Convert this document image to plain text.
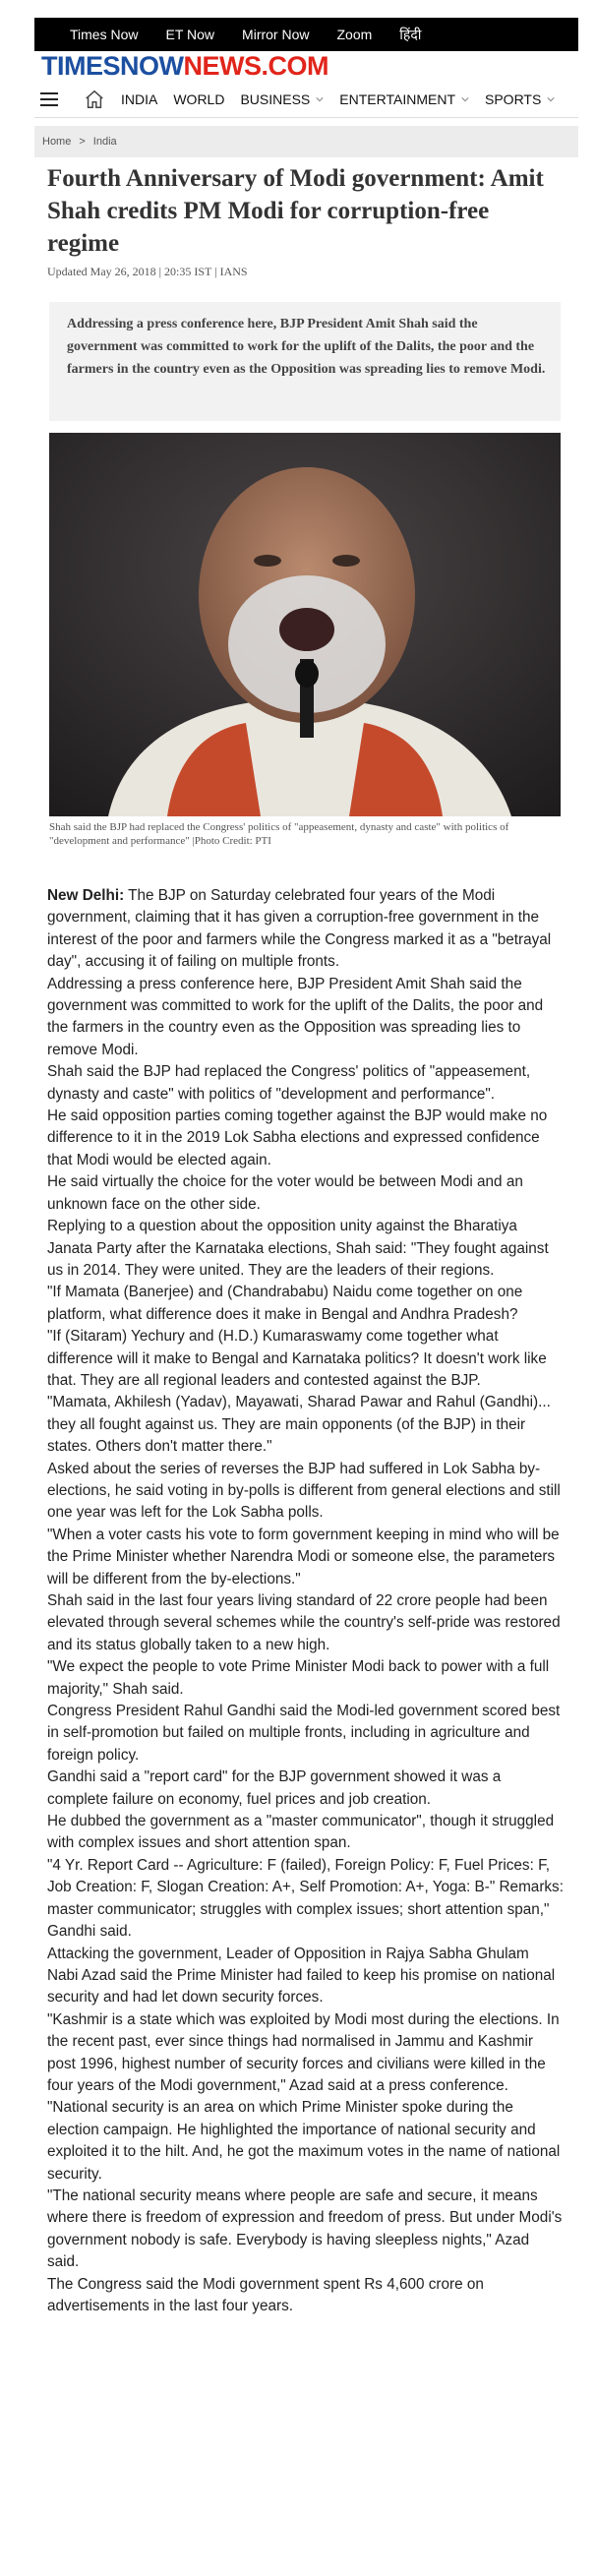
Times Now ET Now Mirror Now Zoom हिंदी
TIMESNOWNEWS.COM
INDIA WORLD BUSINESS ENTERTAINMENT SPORTS
Home > India
Fourth Anniversary of Modi government: Amit Shah credits PM Modi for corruption-free regime
Updated May 26, 2018 | 20:35 IST | IANS
Addressing a press conference here, BJP President Amit Shah said the government was committed to work for the uplift of the Dalits, the poor and the farmers in the country even as the Opposition was spreading lies to remove Modi.
Shah said the BJP had replaced the Congress' politics of "appeasement, dynasty and caste" with politics of "development and performance" |Photo Credit: PTI

New Delhi: The BJP on Saturday celebrated four years of the Modi government, claiming that it has given a corruption-free government in the interest of the poor and farmers while the Congress marked it as a "betrayal day", accusing it of failing on multiple fronts.

Addressing a press conference here, BJP President Amit Shah said the government was committed to work for the uplift of the Dalits, the poor and the farmers in the country even as the Opposition was spreading lies to remove Modi.

Shah said the BJP had replaced the Congress' politics of "appeasement, dynasty and caste" with politics of "development and performance".

He said opposition parties coming together against the BJP would make no difference to it in the 2019 Lok Sabha elections and expressed confidence that Modi would be elected again.

He said virtually the choice for the voter would be between Modi and an unknown face on the other side.

Replying to a question about the opposition unity against the Bharatiya Janata Party after the Karnataka elections, Shah said: "They fought against us in 2014. They were united. They are the leaders of their regions.

"If Mamata (Banerjee) and (Chandrababu) Naidu come together on one platform, what difference does it make in Bengal and Andhra Pradesh?

"If (Sitaram) Yechury and (H.D.) Kumaraswamy come together what difference will it make to Bengal and Karnataka politics? It doesn't work like that. They are all regional leaders and contested against the BJP.

"Mamata, Akhilesh (Yadav), Mayawati, Sharad Pawar and Rahul (Gandhi)... they all fought against us. They are main opponents (of the BJP) in their states. Others don't matter there."

Asked about the series of reverses the BJP had suffered in Lok Sabha by-elections, he said voting in by-polls is different from general elections and still one year was left for the Lok Sabha polls.

"When a voter casts his vote to form government keeping in mind who will be the Prime Minister whether Narendra Modi or someone else, the parameters will be different from the by-elections."

Shah said in the last four years living standard of 22 crore people had been elevated through several schemes while the country's self-pride was restored and its status globally taken to a new high.

"We expect the people to vote Prime Minister Modi back to power with a full majority," Shah said.

Congress President Rahul Gandhi said the Modi-led government scored best in self-promotion but failed on multiple fronts, including in agriculture and foreign policy.

Gandhi said a "report card" for the BJP government showed it was a complete failure on economy, fuel prices and job creation.

He dubbed the government as a "master communicator", though it struggled with complex issues and short attention span.

"4 Yr. Report Card -- Agriculture: F (failed), Foreign Policy: F, Fuel Prices: F, Job Creation: F, Slogan Creation: A+, Self Promotion: A+, Yoga: B-" Remarks: master communicator; struggles with complex issues; short attention span," Gandhi said.

Attacking the government, Leader of Opposition in Rajya Sabha Ghulam Nabi Azad said the Prime Minister had failed to keep his promise on national security and had let down security forces.

"Kashmir is a state which was exploited by Modi most during the elections. In the recent past, ever since things had normalised in Jammu and Kashmir post 1996, highest number of security forces and civilians were killed in the four years of the Modi government," Azad said at a press conference.

"National security is an area on which Prime Minister spoke during the election campaign. He highlighted the importance of national security and exploited it to the hilt. And, he got the maximum votes in the name of national security.

"The national security means where people are safe and secure, it means where there is freedom of expression and freedom of press. But under Modi's government nobody is safe. Everybody is having sleepless nights," Azad said.

The Congress said the Modi government spent Rs 4,600 crore on advertisements in the last four years.
